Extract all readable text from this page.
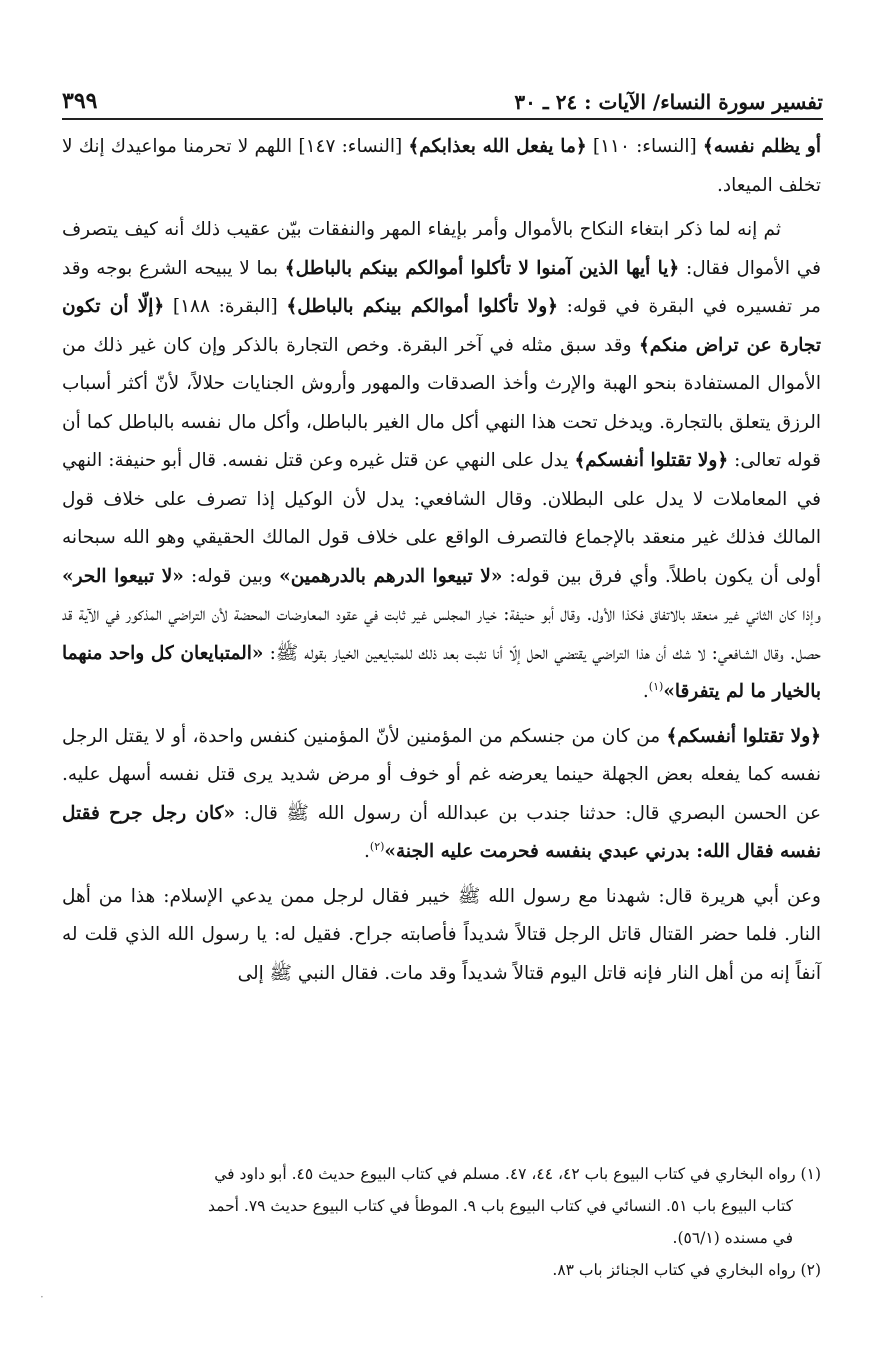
تفسير سورة النساء/ الآيات : ٢٤ ـ ٣٠
٣٩٩

أو يظلم نفسه﴾ [النساء: ١١٠] ﴿ما يفعل الله بعذابكم﴾ [النساء: ١٤٧] اللهم لا تحرمنا مواعيدك إنك لا تخلف الميعاد.

ثم إنه لما ذكر ابتغاء النكاح بالأموال وأمر بإيفاء المهر والنفقات بيّن عقيب ذلك أنه كيف يتصرف في الأموال فقال: ﴿يا أيها الذين آمنوا لا تأكلوا أموالكم بينكم بالباطل﴾ بما لا يبيحه الشرع بوجه وقد مر تفسيره في البقرة في قوله: ﴿ولا تأكلوا أموالكم بينكم بالباطل﴾ [البقرة: ١٨٨] ﴿إلّا أن تكون تجارة عن تراض منكم﴾ وقد سبق مثله في آخر البقرة. وخص التجارة بالذكر وإن كان غير ذلك من الأموال المستفادة بنحو الهبة والإرث وأخذ الصدقات والمهور وأروش الجنايات حلالاً، لأنّ أكثر أسباب الرزق يتعلق بالتجارة. ويدخل تحت هذا النهي أكل مال الغير بالباطل، وأكل مال نفسه بالباطل كما أن قوله تعالى: ﴿ولا تقتلوا أنفسكم﴾ يدل على النهي عن قتل غيره وعن قتل نفسه. قال أبو حنيفة: النهي في المعاملات لا يدل على البطلان. وقال الشافعي: يدل لأن الوكيل إذا تصرف على خلاف قول المالك فذلك غير منعقد بالإجماع فالتصرف الواقع على خلاف قول المالك الحقيقي وهو الله سبحانه أولى أن يكون باطلاً. وأي فرق بين قوله: «لا تبيعوا الدرهم بالدرهمين» وبين قوله: «لا تبيعوا الحر» وإذا كان الثاني غير منعقد بالاتفاق فكذا الأول. وقال أبو حنيفة: خيار المجلس غير ثابت في عقود المعاوضات المحضة لأن التراضي المذكور في الآية قد حصل. وقال الشافعي: لا شك أن هذا التراضي يقتضي الحل إلّا أنا نثبت بعد ذلك للمتبايعين الخيار بقوله ﷺ: «المتبايعان كل واحد منهما بالخيار ما لم يتفرقا»$^{(١)}$.

﴿ولا تقتلوا أنفسكم﴾ من كان من جنسكم من المؤمنين لأنّ المؤمنين كنفس واحدة، أو لا يقتل الرجل نفسه كما يفعله بعض الجهلة حينما يعرضه غم أو خوف أو مرض شديد يرى قتل نفسه أسهل عليه. عن الحسن البصري قال: حدثنا جندب بن عبدالله أن رسول الله ﷺ قال: «كان رجل جرح فقتل نفسه فقال الله: بدرني عبدي بنفسه فحرمت عليه الجنة»$^{(٢)}$.

وعن أبي هريرة قال: شهدنا مع رسول الله ﷺ خيبر فقال لرجل ممن يدعي الإسلام: هذا من أهل النار. فلما حضر القتال قاتل الرجل قتالاً شديداً فأصابته جراح. فقيل له: يا رسول الله الذي قلت له آنفاً إنه من أهل النار فإنه قاتل اليوم قتالاً شديداً وقد مات. فقال النبي ﷺ إلى

(١) رواه البخاري في كتاب البيوع باب ٤٢، ٤٤، ٤٧. مسلم في كتاب البيوع حديث ٤٥. أبو داود في

كتاب البيوع باب ٥١. النسائي في كتاب البيوع باب ٩. الموطأ في كتاب البيوع حديث ٧٩. أحمد

في مسنده (٥٦/١).

(٢) رواه البخاري في كتاب الجنائز باب ٨٣.

·
